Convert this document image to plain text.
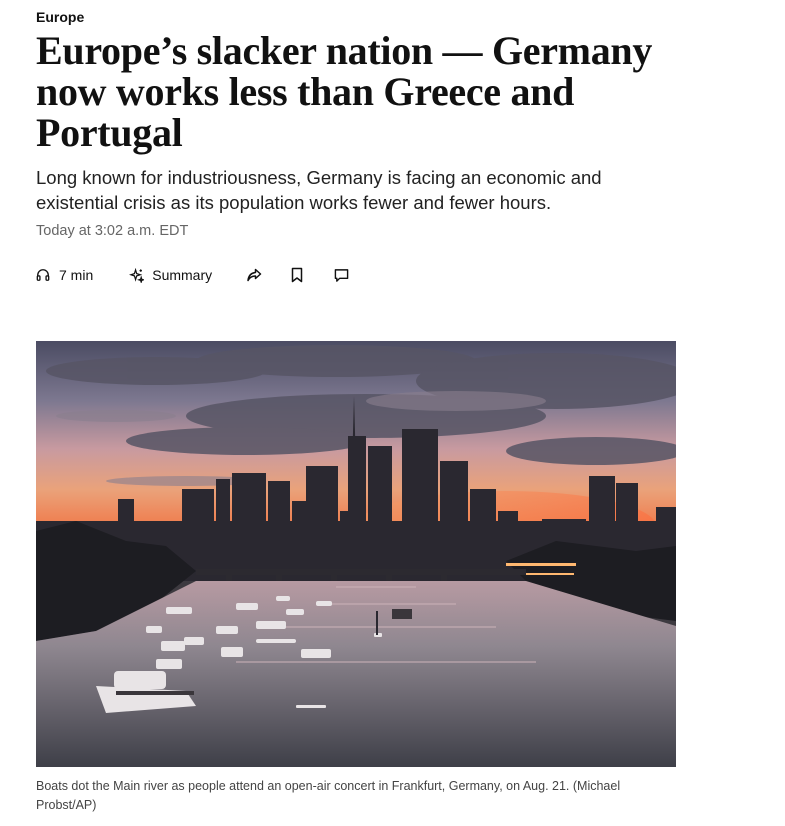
Europe
Europe’s slacker nation — Germany now works less than Greece and Portugal

Long known for industriousness, Germany is facing an economic and existential crisis as its population works fewer and fewer hours.

Today at 3:02 a.m. EDT
7 min	Summary

Boats dot the Main river as people attend an open-air concert in Frankfurt, Germany, on Aug. 21. (Michael Probst/AP)
